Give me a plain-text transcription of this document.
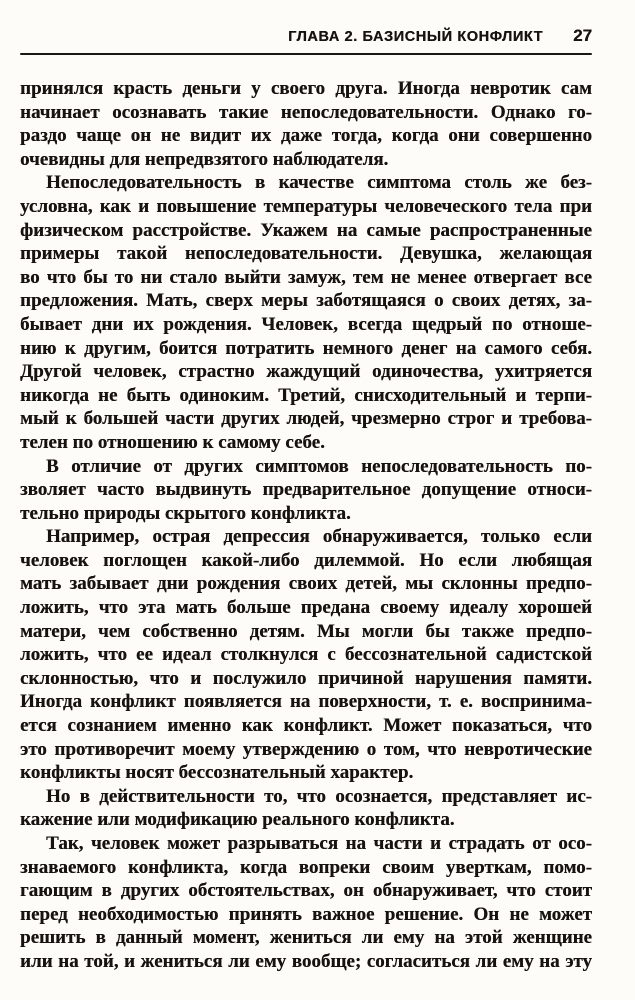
ГЛАВА 2. БАЗИСНЫЙ КОНФЛИКТ 27
принялся красть деньги у своего друга. Иногда невротик сам
начинает осознавать такие непоследовательности. Однако го-
раздо чаще он не видит их даже тогда, когда они совершенно
очевидны для непредвзятого наблюдателя.
Непоследовательность в качестве симптома столь же без-
условна, как и повышение температуры человеческого тела при
физическом расстройстве. Укажем на самые распространенные
примеры такой непоследовательности. Девушка, желающая
во что бы то ни стало выйти замуж, тем не менее отвергает все
предложения. Мать, сверх меры заботящаяся о своих детях, за-
бывает дни их рождения. Человек, всегда щедрый по отноше-
нию к другим, боится потратить немного денег на самого себя.
Другой человек, страстно жаждущий одиночества, ухитряется
никогда не быть одиноким. Третий, снисходительный и терпи-
мый к большей части других людей, чрезмерно строг и требова-
телен по отношению к самому себе.
В отличие от других симптомов непоследовательность по-
зволяет часто выдвинуть предварительное допущение относи-
тельно природы скрытого конфликта.
Например, острая депрессия обнаруживается, только если
человек поглощен какой-либо дилеммой. Но если любящая
мать забывает дни рождения своих детей, мы склонны предпо-
ложить, что эта мать больше предана своему идеалу хорошей
матери, чем собственно детям. Мы могли бы также предпо-
ложить, что ее идеал столкнулся с бессознательной садистской
склонностью, что и послужило причиной нарушения памяти.
Иногда конфликт появляется на поверхности, т. е. воспринима-
ется сознанием именно как конфликт. Может показаться, что
это противоречит моему утверждению о том, что невротические
конфликты носят бессознательный характер.
Но в действительности то, что осознается, представляет ис-
кажение или модификацию реального конфликта.
Так, человек может разрываться на части и страдать от осо-
знаваемого конфликта, когда вопреки своим уверткам, помо-
гающим в других обстоятельствах, он обнаруживает, что стоит
перед необходимостью принять важное решение. Он не может
решить в данный момент, жениться ли ему на этой женщине
или на той, и жениться ли ему вообще; согласиться ли ему на эту
